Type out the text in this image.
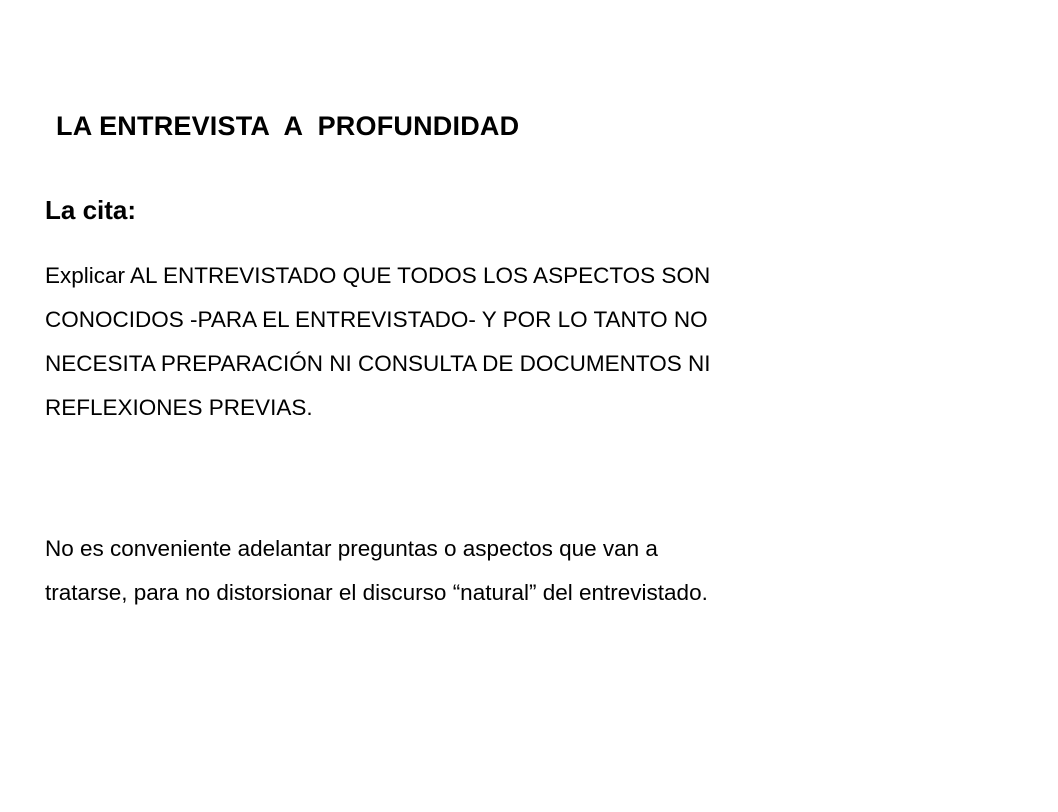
LA ENTREVISTA  A  PROFUNDIDAD
La cita:

Explicar AL ENTREVISTADO QUE TODOS LOS ASPECTOS SON
CONOCIDOS -PARA EL ENTREVISTADO- Y POR LO TANTO NO
NECESITA PREPARACIÓN NI CONSULTA DE DOCUMENTOS NI
REFLEXIONES PREVIAS.

No es conveniente adelantar preguntas o aspectos que van a
tratarse, para no distorsionar el discurso “natural” del entrevistado.
